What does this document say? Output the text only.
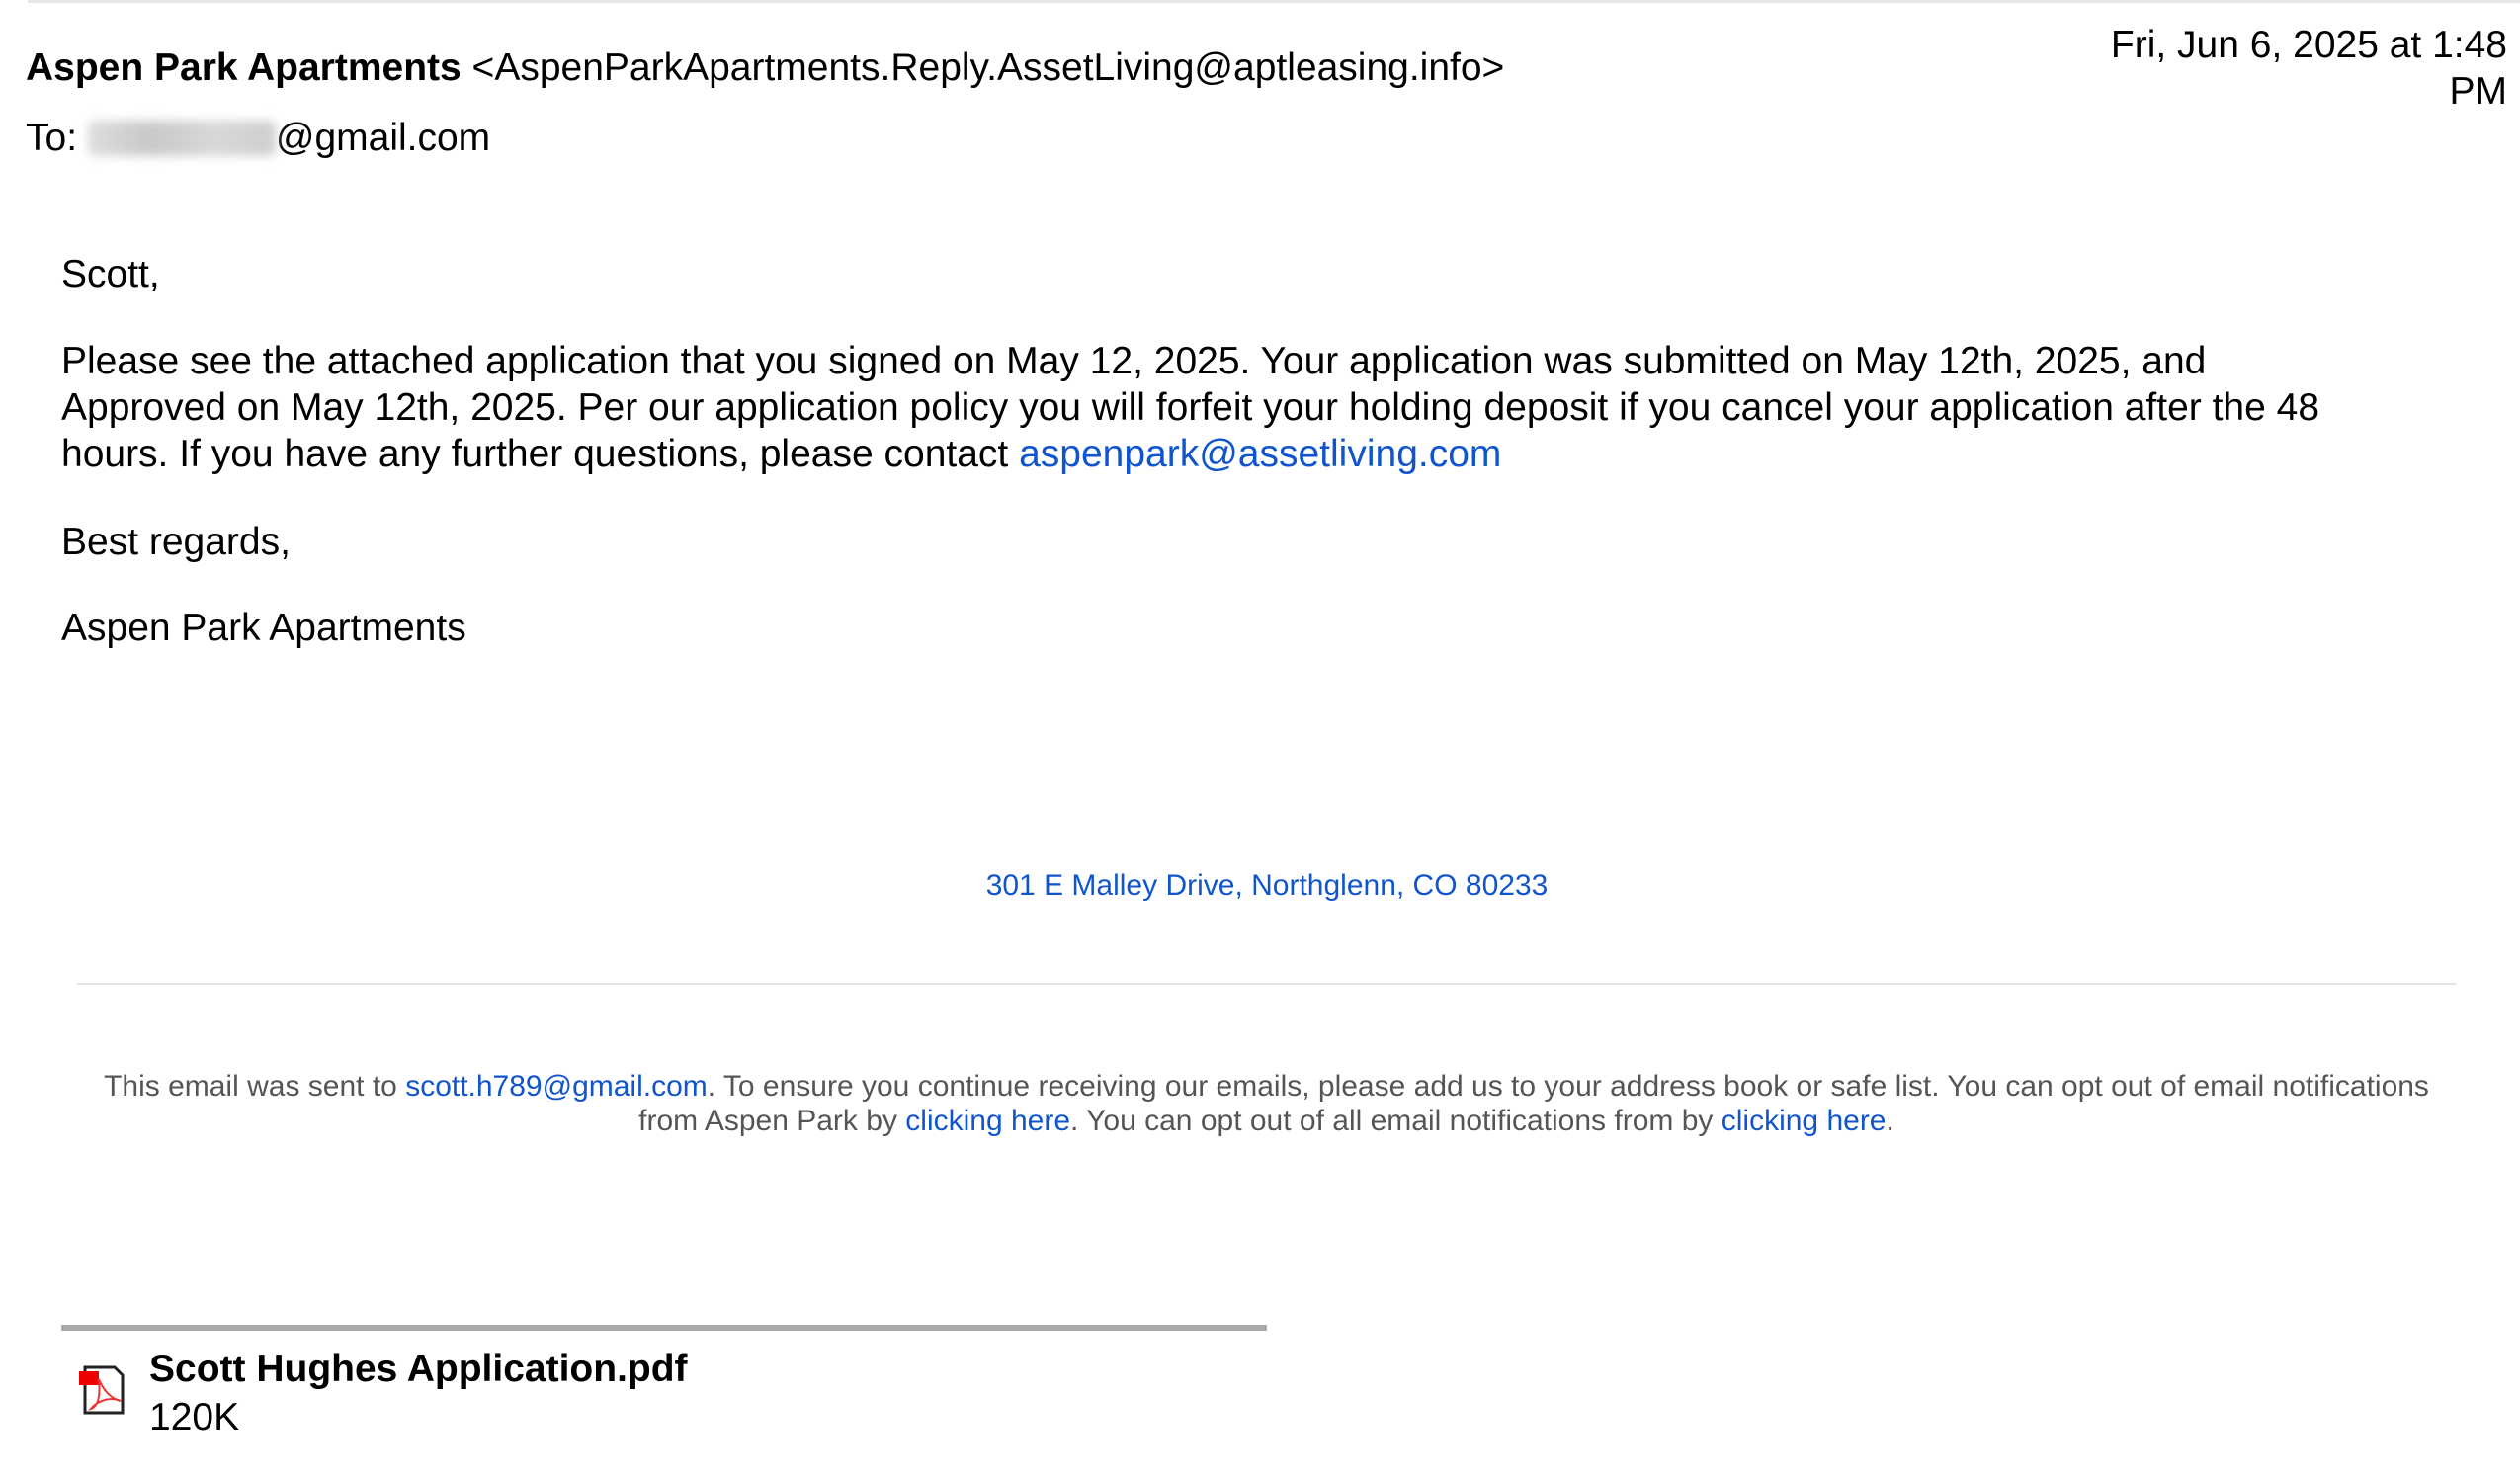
Aspen Park Apartments <AspenParkApartments.Reply.AssetLiving@aptleasing.info>
To:	@gmail.com
Fri, Jun 6, 2025 at 1:48
PM
Scott,
Please see the attached application that you signed on May 12, 2025. Your application was submitted on May 12th, 2025, and
Approved on May 12th, 2025. Per our application policy you will forfeit your holding deposit if you cancel your application after the 48
hours. If you have any further questions, please contact aspenpark@assetliving.com
Best regards,
Aspen Park Apartments
301 E Malley Drive, Northglenn, CO 80233
This email was sent to scott.h789@gmail.com. To ensure you continue receiving our emails, please add us to your address book or safe list. You can opt out of email notifications from Aspen Park by clicking here. You can opt out of all email notifications from by clicking here.
Scott Hughes Application.pdf
120K
